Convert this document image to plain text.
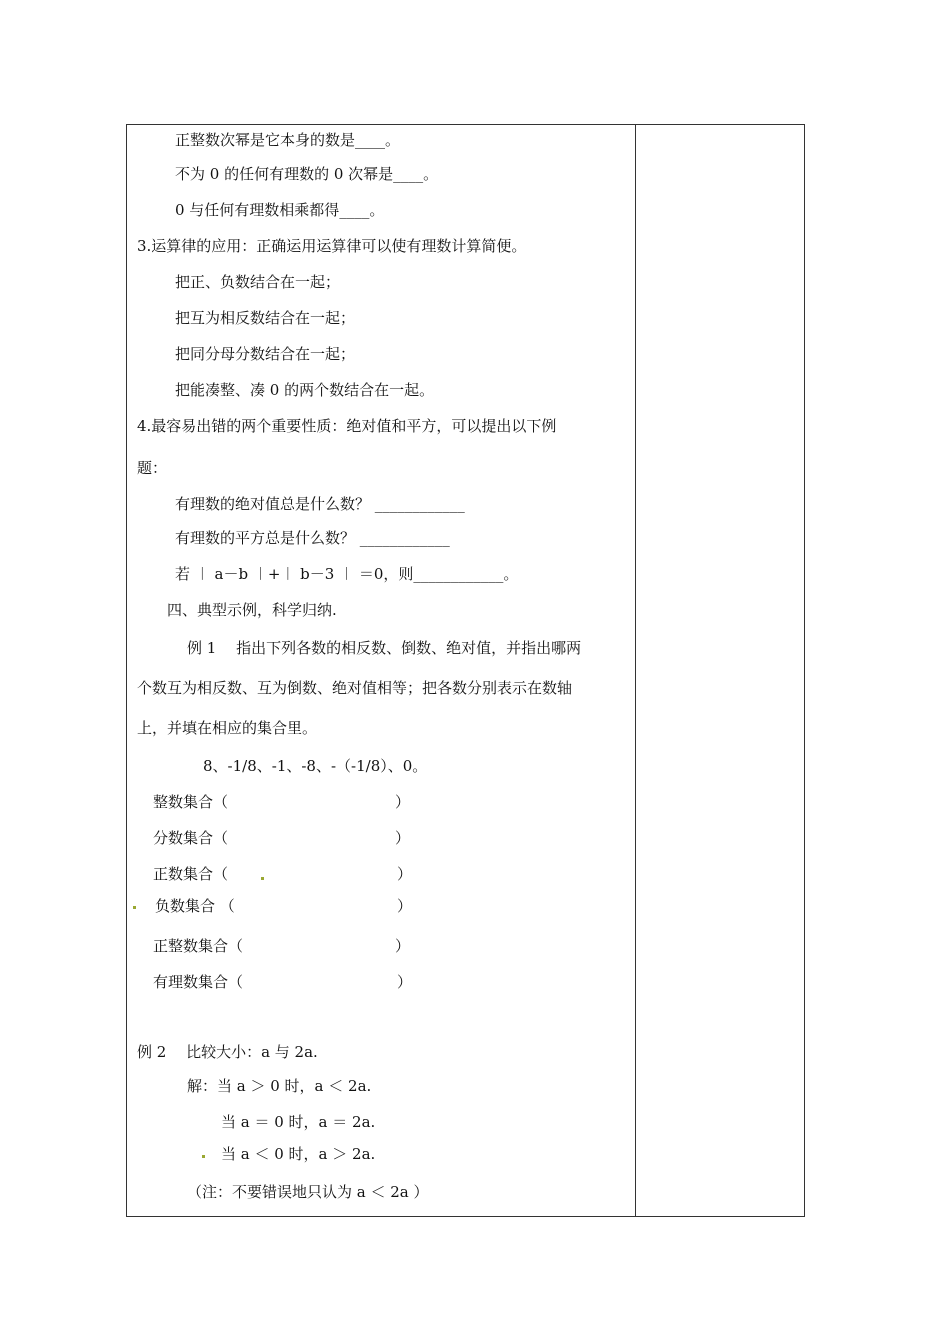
正整数次幂是它本身的数是____。
不为 0 的任何有理数的 0 次幂是____。
0 与任何有理数相乘都得____。
3.运算律的应用：正确运用运算律可以使有理数计算简便。
把正、负数结合在一起；
把互为相反数结合在一起；
把同分母分数结合在一起；
把能凑整、凑 0 的两个数结合在一起。
4.最容易出错的两个重要性质：绝对值和平方，可以提出以下例
题：
有理数的绝对值总是什么数？ ____________
有理数的平方总是什么数？ ____________
若 ︱ a－b ︱+︱ b－3 ︱ ＝0，则____________。
四、典型示例，科学归纳.
例 1　 指出下列各数的相反数、倒数、绝对值，并指出哪两
个数互为相反数、互为倒数、绝对值相等；把各数分别表示在数轴
上，并填在相应的集合里。
8、-1/8、-1、-8、-（-1/8）、0。
整数集合（
分数集合（
正数集合（
负数集合 （
正整数集合（
有理数集合（
）
）
）
）
）
）
例 2　 比较大小：a 与 2a.
解：当 a ＞ 0 时，a ＜ 2a.
当 a ＝ 0 时，a ＝ 2a.
当 a ＜ 0 时，a ＞ 2a.
（注：不要错误地只认为 a ＜ 2a ）
